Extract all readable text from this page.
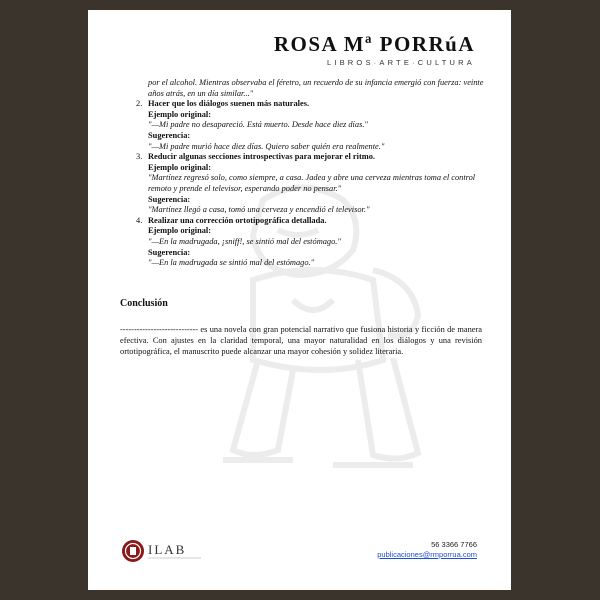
ROSA Mª PORRúA
LIBROS·ARTE·CULTURA
por el alcohol. Mientras observaba el féretro, un recuerdo de su infancia emergió con fuerza: veinte años atrás, en un día similar..."
2. Hacer que los diálogos suenen más naturales.
Ejemplo original:
"—Mi padre no desapareció. Está muerto. Desde hace diez días."
Sugerencia:
"—Mi padre murió hace diez días. Quiero saber quién era realmente."
3. Reducir algunas secciones introspectivas para mejorar el ritmo.
Ejemplo original:
"Martínez regresó solo, como siempre, a casa. Jadea y abre una cerveza mientras toma el control remoto y prende el televisor, esperando poder no pensar."
Sugerencia:
"Martínez llegó a casa, tomó una cerveza y encendió el televisor."
4. Realizar una corrección ortotipográfica detallada.
Ejemplo original:
"—En la madrugada, ¡sniff!, se sintió mal del estómago."
Sugerencia:
"—En la madrugada se sintió mal del estómago."
Conclusión
---------------------------- es una novela con gran potencial narrativo que fusiona historia y ficción de manera efectiva. Con ajustes en la claridad temporal, una mayor naturalidad en los diálogos y una revisión ortotipográfica, el manuscrito puede alcanzar una mayor cohesión y solidez literaria.
ILAB	56 3366 7766
publicaciones@rmporrua.com
